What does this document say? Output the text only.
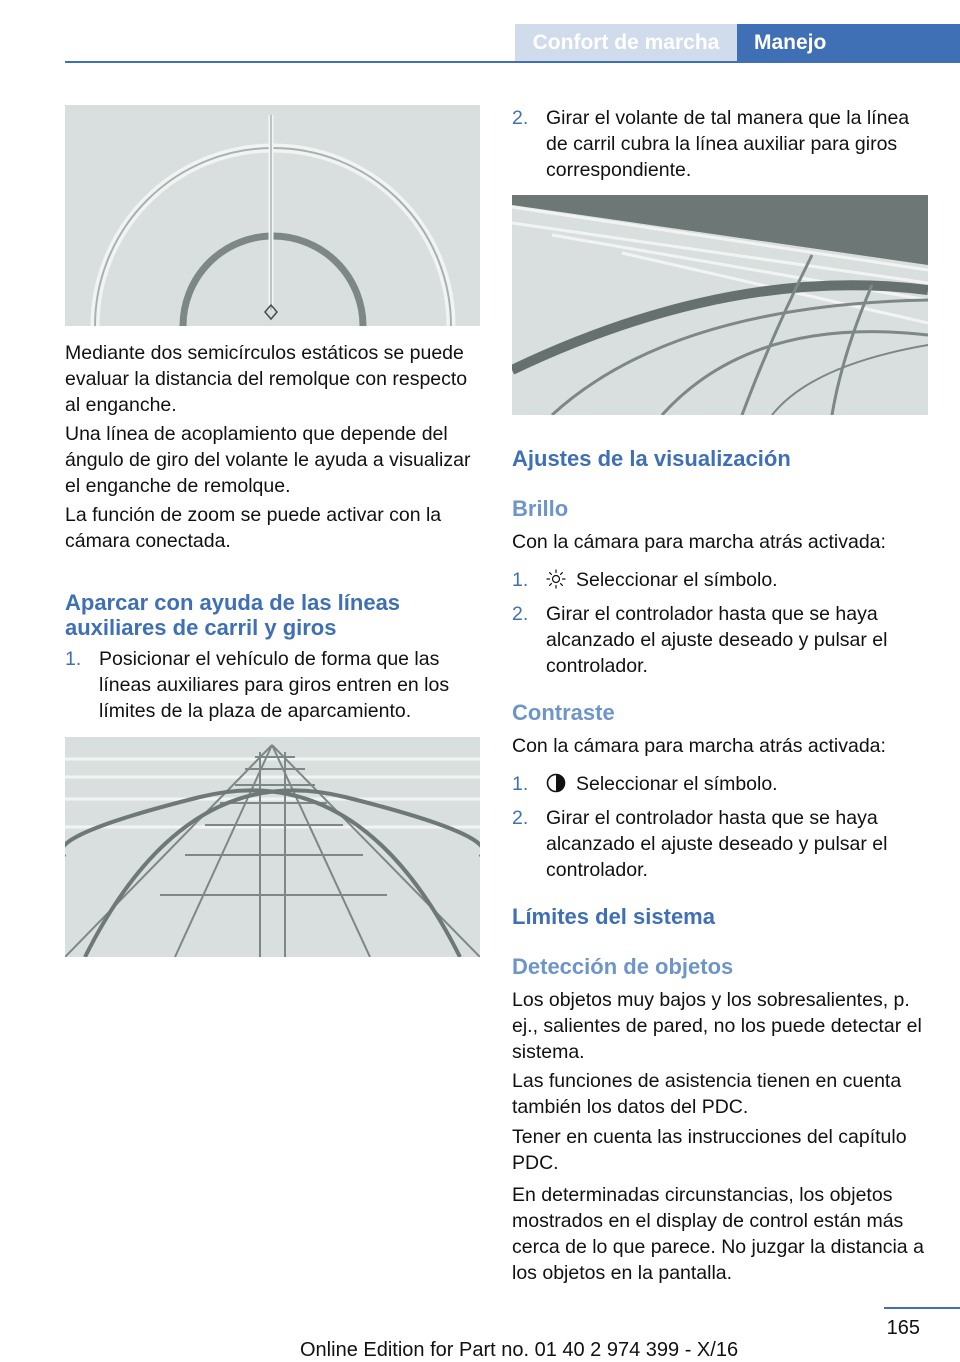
Confort de marcha	Manejo
Mediante dos semicírculos estáticos se puede evaluar la distancia del remolque con respecto al enganche.
Una línea de acoplamiento que depende del ángulo de giro del volante le ayuda a visualizar el enganche de remolque.
La función de zoom se puede activar con la cámara conectada.
Aparcar con ayuda de las líneas auxiliares de carril y giros
1. Posicionar el vehículo de forma que las líneas auxiliares para giros entren en los límites de la plaza de aparcamiento.
2. Girar el volante de tal manera que la línea de carril cubra la línea auxiliar para giros correspondiente.
Ajustes de la visualización
Brillo
Con la cámara para marcha atrás activada:
1.	Seleccionar el símbolo.
2. Girar el controlador hasta que se haya alcanzado el ajuste deseado y pulsar el controlador.
Contraste
Con la cámara para marcha atrás activada:
1.	Seleccionar el símbolo.
2. Girar el controlador hasta que se haya alcanzado el ajuste deseado y pulsar el controlador.
Límites del sistema
Detección de objetos
Los objetos muy bajos y los sobresalientes, p. ej., salientes de pared, no los puede detectar el sistema.
Las funciones de asistencia tienen en cuenta también los datos del PDC.
Tener en cuenta las instrucciones del capítulo PDC.
En determinadas circunstancias, los objetos mostrados en el display de control están más cerca de lo que parece. No juzgar la distancia a los objetos en la pantalla.
165
Online Edition for Part no. 01 40 2 974 399 - X/16
